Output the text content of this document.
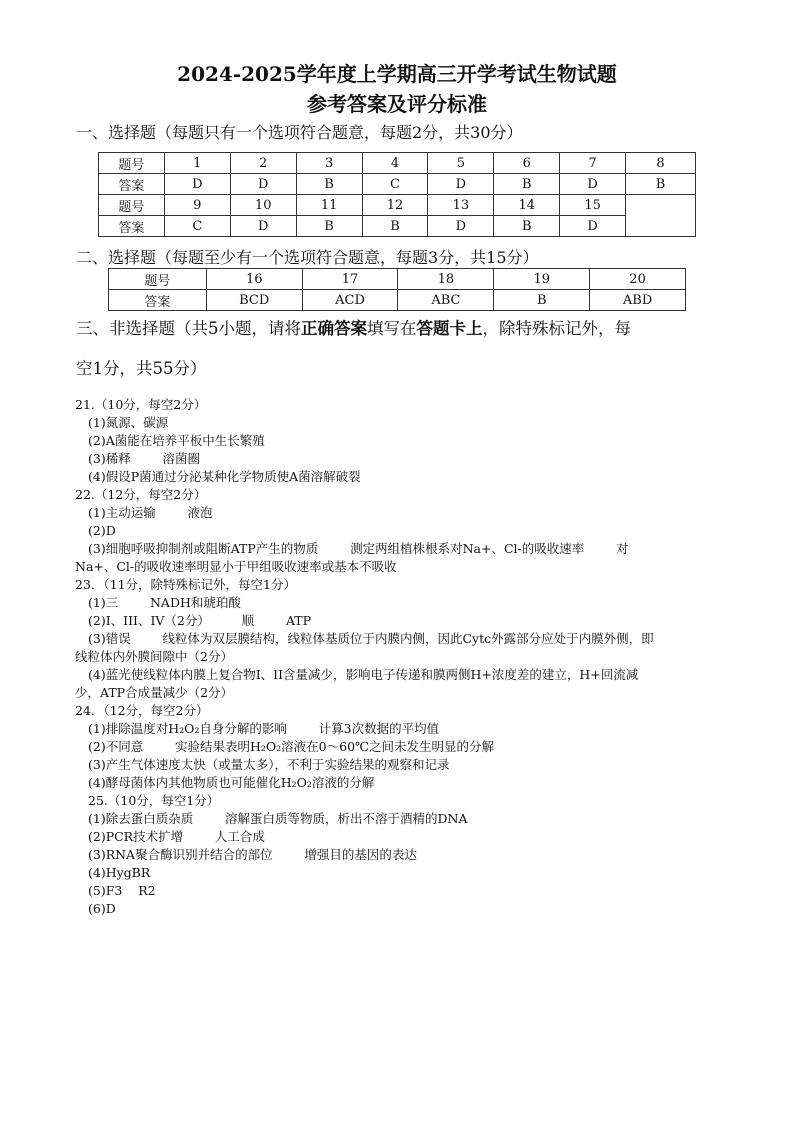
2024-2025学年度上学期高三开学考试生物试题
参考答案及评分标准
一、选择题（每题只有一个选项符合题意，每题2分，共30分）
题号	1	2	3	4	5	6	7	8
答案	D	D	B	C	D	B	D	B
题号	9	10	11	12	13	14	15	
答案	C	D	B	B	D	B	D	
二、选择题（每题至少有一个选项符合题意，每题3分，共15分）
题号	16	17	18	19	20
答案	BCD	ACD	ABC	B	ABD
三、非选择题（共5小题，请将正确答案填写在答题卡上，除特殊标记外，每
空1分，共55分）
21.（10分，每空2分）
(1)氮源、碳源
(2)A菌能在培养平板中生长繁殖
(3)稀释        溶菌圈
(4)假设P菌通过分泌某种化学物质使A菌溶解破裂
22.（12分，每空2分）
(1)主动运输        液泡
(2)D
(3)细胞呼吸抑制剂或阻断ATP产生的物质        测定两组植株根系对Na+、Cl-的吸收速率        对
Na+、Cl-的吸收速率明显小于甲组吸收速率或基本不吸收
23．（11分，除特殊标记外，每空1分）
(1)三        NADH和琥珀酸
(2)I、III、IV（2分）        顺        ATP
(3)错误        线粒体为双层膜结构，线粒体基质位于内膜内侧，因此Cytc外露部分应处于内膜外侧，即
线粒体内外膜间隙中（2分）
(4)蓝光使线粒体内膜上复合物I、II含量减少，影响电子传递和膜两侧H+浓度差的建立，H+回流减
少，ATP合成量减少（2分）
24．（12分，每空2分）
(1)排除温度对H₂O₂自身分解的影响        计算3次数据的平均值
(2)不同意        实验结果表明H₂O₂溶液在0～60℃之间未发生明显的分解
(3)产生气体速度太快（或量太多），不利于实验结果的观察和记录
(4)酵母菌体内其他物质也可能催化H₂O₂溶液的分解
25.（10分，每空1分）
(1)除去蛋白质杂质        溶解蛋白质等物质，析出不溶于酒精的DNA
(2)PCR技术扩增        人工合成
(3)RNA聚合酶识别并结合的部位        增强目的基因的表达
(4)HygBR
(5)F3    R2
(6)D
